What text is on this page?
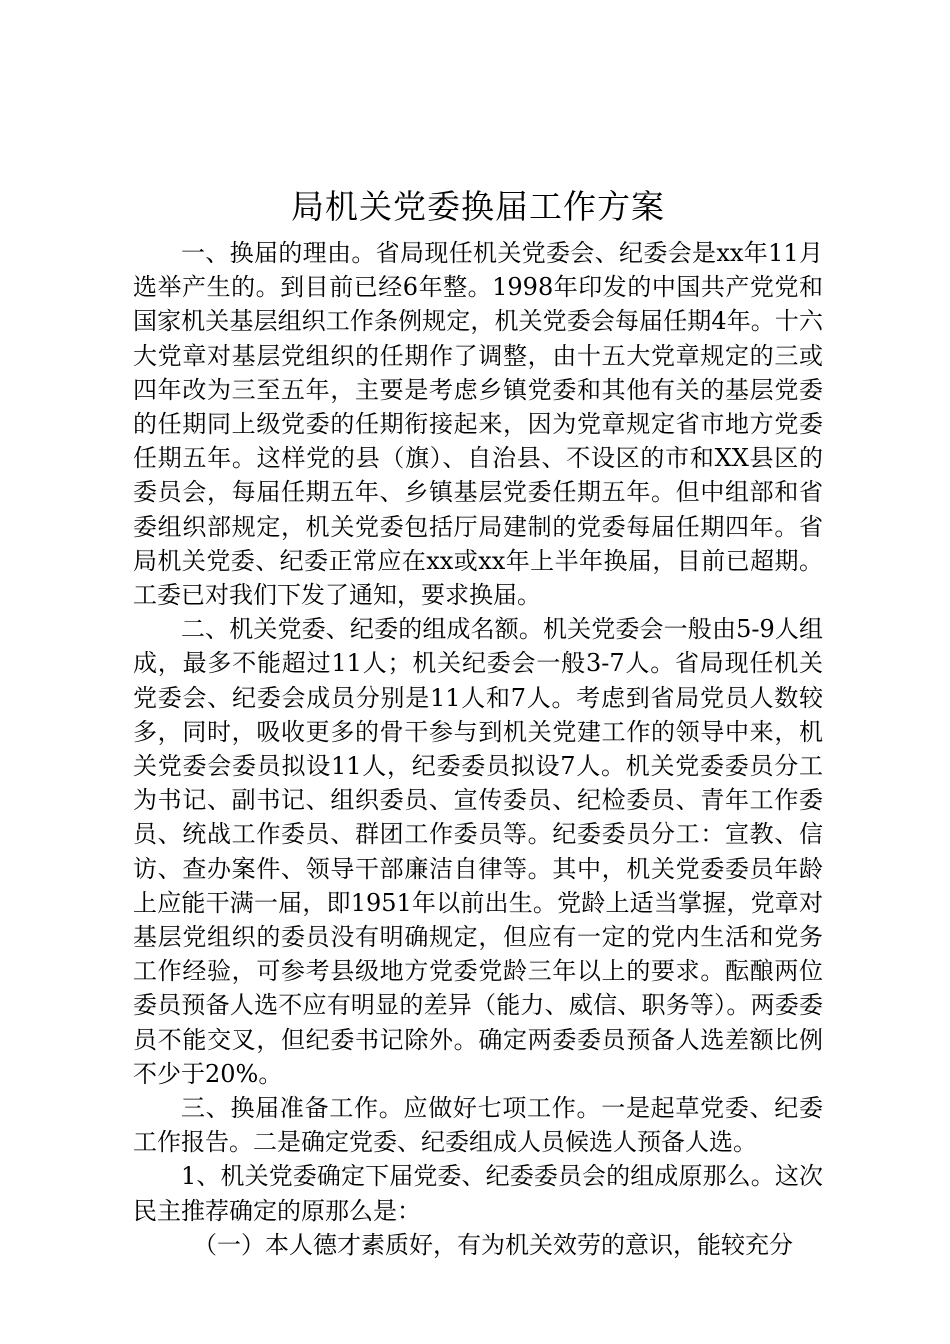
局机关党委换届工作方案

一、换届的理由。省局现任机关党委会、纪委会是xx年11月选举产生的。到目前已经6年整。1998年印发的中国共产党党和国家机关基层组织工作条例规定，机关党委会每届任期4年。十六大党章对基层党组织的任期作了调整，由十五大党章规定的三或四年改为三至五年，主要是考虑乡镇党委和其他有关的基层党委的任期同上级党委的任期衔接起来，因为党章规定省市地方党委任期五年。这样党的县（旗）、自治县、不设区的市和XX县区的委员会，每届任期五年、乡镇基层党委任期五年。但中组部和省委组织部规定，机关党委包括厅局建制的党委每届任期四年。省局机关党委、纪委正常应在xx或xx年上半年换届，目前已超期。工委已对我们下发了通知，要求换届。

二、机关党委、纪委的组成名额。机关党委会一般由5-9人组成，最多不能超过11人；机关纪委会一般3-7人。省局现任机关党委会、纪委会成员分别是11人和7人。考虑到省局党员人数较多，同时，吸收更多的骨干参与到机关党建工作的领导中来，机关党委会委员拟设11人，纪委委员拟设7人。机关党委委员分工为书记、副书记、组织委员、宣传委员、纪检委员、青年工作委员、统战工作委员、群团工作委员等。纪委委员分工：宣教、信访、查办案件、领导干部廉洁自律等。其中，机关党委委员年龄上应能干满一届，即1951年以前出生。党龄上适当掌握，党章对基层党组织的委员没有明确规定，但应有一定的党内生活和党务工作经验，可参考县级地方党委党龄三年以上的要求。酝酿两位委员预备人选不应有明显的差异（能力、威信、职务等）。两委委员不能交叉，但纪委书记除外。确定两委委员预备人选差额比例不少于20%。

三、换届准备工作。应做好七项工作。一是起草党委、纪委工作报告。二是确定党委、纪委组成人员候选人预备人选。

1、机关党委确定下届党委、纪委委员会的组成原那么。这次民主推荐确定的原那么是：

（一）本人德才素质好，有为机关效劳的意识，能较充分
